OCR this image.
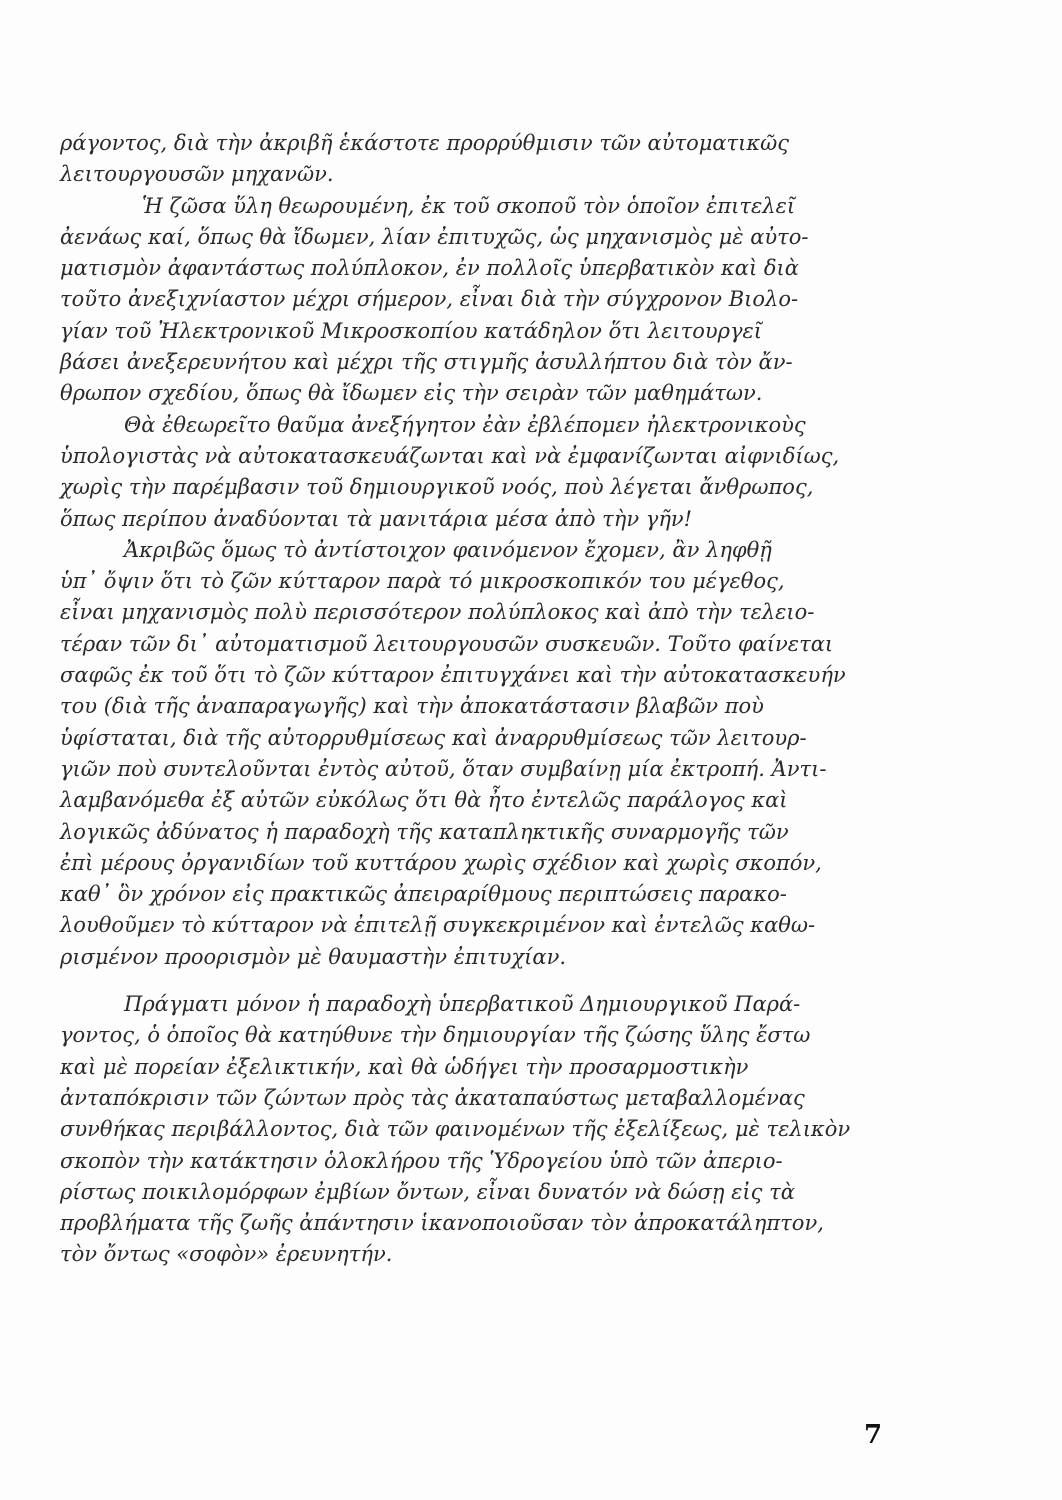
ράγοντος, διὰ τὴν ἀκριβῆ ἑκάστοτε προρρύθμισιν τῶν αὐτοματικῶς
λειτουργουσῶν μηχανῶν.
Ἡ ζῶσα ὕλη θεωρουμένη, ἐκ τοῦ σκοποῦ τὸν ὁποῖον ἐπιτελεῖ
ἀενάως καί, ὅπως θὰ ἴδωμεν, λίαν ἐπιτυχῶς, ὡς μηχανισμὸς μὲ αὐτο-
ματισμὸν ἀφαντάστως πολύπλοκον, ἐν πολλοῖς ὑπερβατικὸν καὶ διὰ
τοῦτο ἀνεξιχνίαστον μέχρι σήμερον, εἶναι διὰ τὴν σύγχρονον Βιολο-
γίαν τοῦ Ἠλεκτρονικοῦ Μικροσκοπίου κατάδηλον ὅτι λειτουργεῖ
βάσει ἀνεξερευνήτου καὶ μέχρι τῆς στιγμῆς ἀσυλλήπτου διὰ τὸν ἄν-
θρωπον σχεδίου, ὅπως θὰ ἴδωμεν εἰς τὴν σειρὰν τῶν μαθημάτων.
Θὰ ἐθεωρεῖτο θαῦμα ἀνεξήγητον ἐὰν ἐβλέπομεν ἠλεκτρονικοὺς
ὑπολογιστὰς νὰ αὐτοκατασκευάζωνται καὶ νὰ ἐμφανίζωνται αἰφνιδίως,
χωρὶς τὴν παρέμβασιν τοῦ δημιουργικοῦ νοός, ποὺ λέγεται ἄνθρωπος,
ὅπως περίπου ἀναδύονται τὰ μανιτάρια μέσα ἀπὸ τὴν γῆν!
Ἀκριβῶς ὅμως τὸ ἀντίστοιχον φαινόμενον ἔχομεν, ἂν ληφθῇ
ὑπ᾽ ὄψιν ὅτι τὸ ζῶν κύτταρον παρὰ τό μικροσκοπικόν του μέγεθος,
εἶναι μηχανισμὸς πολὺ περισσότερον πολύπλοκος καὶ ἀπὸ τὴν τελειο-
τέραν τῶν δι᾽ αὐτοματισμοῦ λειτουργουσῶν συσκευῶν. Τοῦτο φαίνεται
σαφῶς ἐκ τοῦ ὅτι τὸ ζῶν κύτταρον ἐπιτυγχάνει καὶ τὴν αὐτοκατασκευήν
του (διὰ τῆς ἀναπαραγωγῆς) καὶ τὴν ἀποκατάστασιν βλαβῶν ποὺ
ὑφίσταται, διὰ τῆς αὐτορρυθμίσεως καὶ ἀναρρυθμίσεως τῶν λειτουρ-
γιῶν ποὺ συντελοῦνται ἐντὸς αὐτοῦ, ὅταν συμβαίνῃ μία ἐκτροπή. Ἀντι-
λαμβανόμεθα ἐξ αὐτῶν εὐκόλως ὅτι θὰ ἦτο ἐντελῶς παράλογος καὶ
λογικῶς ἀδύνατος ἡ παραδοχὴ τῆς καταπληκτικῆς συναρμογῆς τῶν
ἐπὶ μέρους ὀργανιδίων τοῦ κυττάρου χωρὶς σχέδιον καὶ χωρὶς σκοπόν,
καθ᾽ ὃν χρόνον εἰς πρακτικῶς ἀπειραρίθμους περιπτώσεις παρακο-
λουθοῦμεν τὸ κύτταρον νὰ ἐπιτελῇ συγκεκριμένον καὶ ἐντελῶς καθω-
ρισμένον προορισμὸν μὲ θαυμαστὴν ἐπιτυχίαν.
Πράγματι μόνον ἡ παραδοχὴ ὑπερβατικοῦ Δημιουργικοῦ Παρά-
γοντος, ὁ ὁποῖος θὰ κατηύθυνε τὴν δημιουργίαν τῆς ζώσης ὕλης ἔστω
καὶ μὲ πορείαν ἐξελικτικήν, καὶ θὰ ὡδήγει τὴν προσαρμοστικὴν
ἀνταπόκρισιν τῶν ζώντων πρὸς τὰς ἀκαταπαύστως μεταβαλλομένας
συνθήκας περιβάλλοντος, διὰ τῶν φαινομένων τῆς ἐξελίξεως, μὲ τελικὸν
σκοπὸν τὴν κατάκτησιν ὁλοκλήρου τῆς Ὑδρογείου ὑπὸ τῶν ἀπεριο-
ρίστως ποικιλομόρφων ἐμβίων ὄντων, εἶναι δυνατόν νὰ δώσῃ εἰς τὰ
προβλήματα τῆς ζωῆς ἀπάντησιν ἱκανοποιοῦσαν τὸν ἀπροκατάληπτον,
τὸν ὄντως «σοφὸν» ἐρευνητήν.
7
